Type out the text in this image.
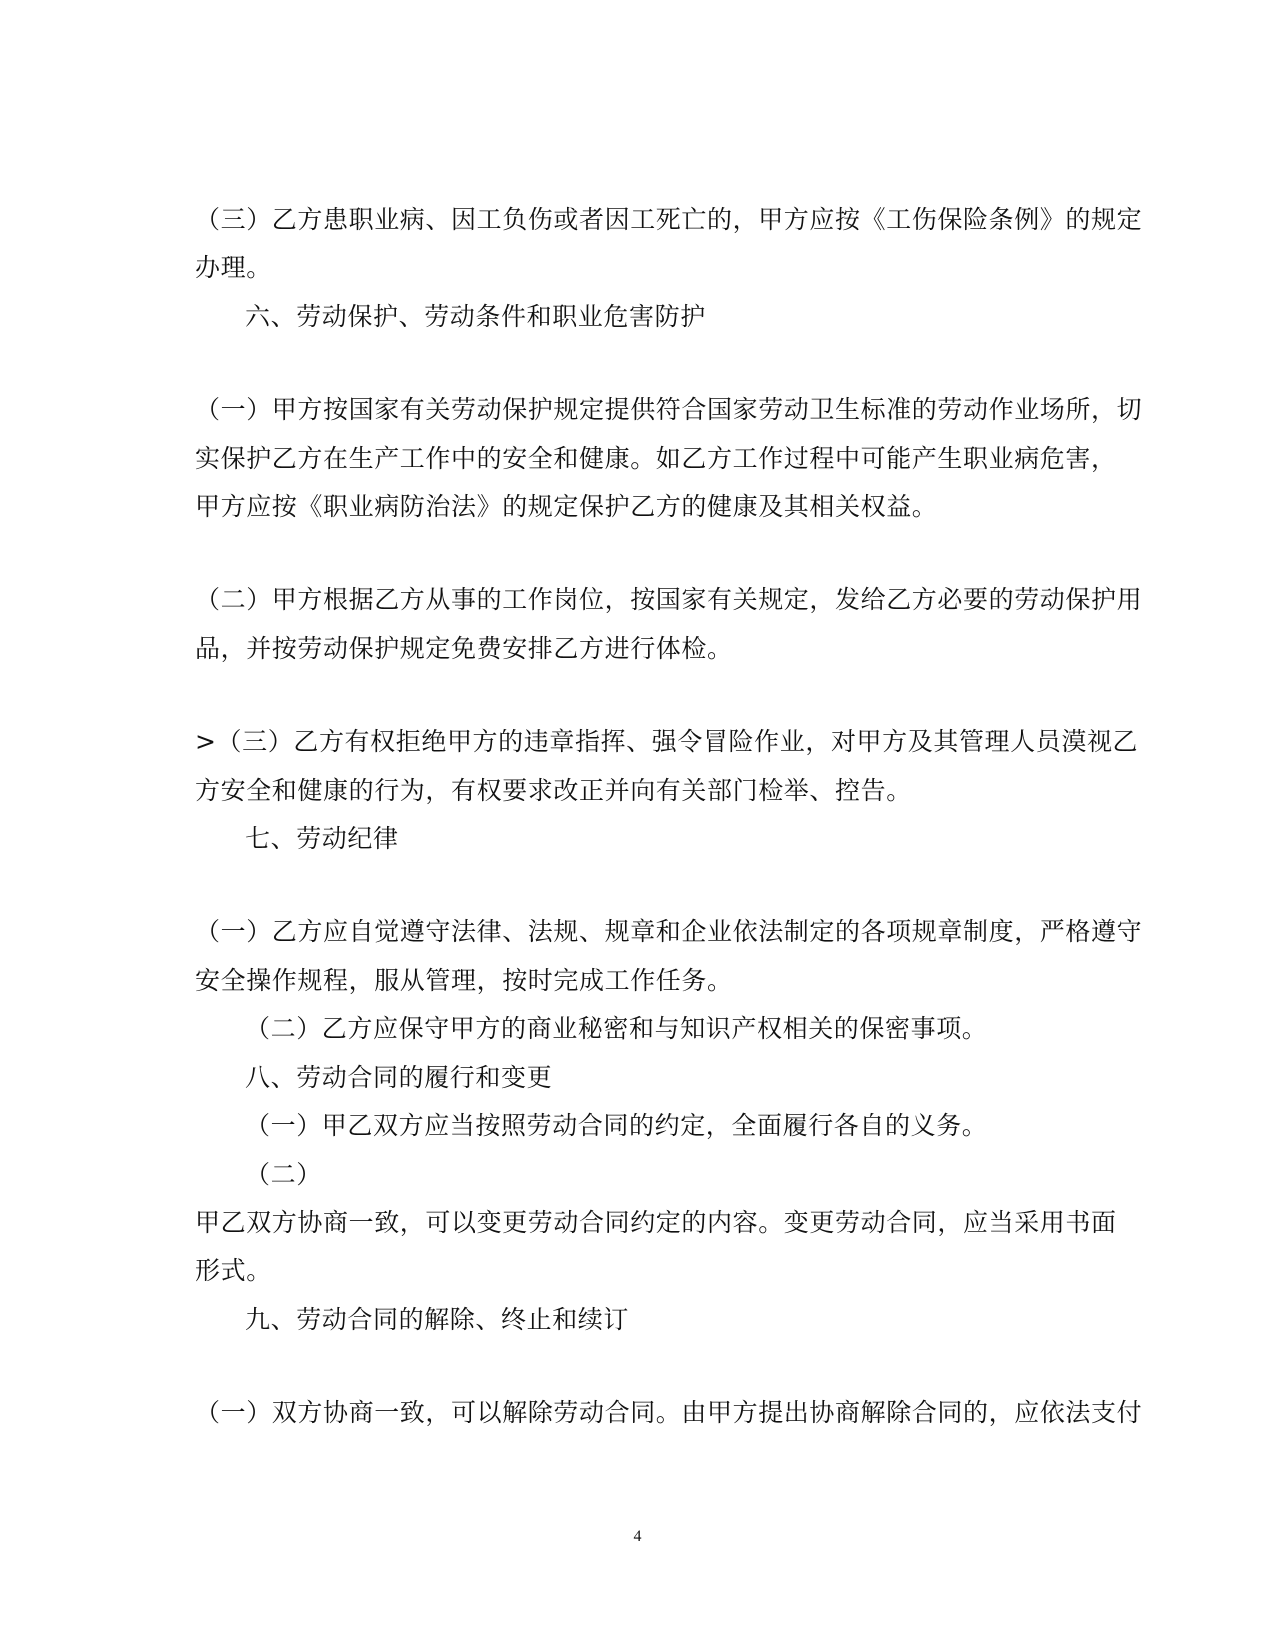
（三）乙方患职业病、因工负伤或者因工死亡的，甲方应按《工伤保险条例》的规定
办理。
六、劳动保护、劳动条件和职业危害防护
（一）甲方按国家有关劳动保护规定提供符合国家劳动卫生标准的劳动作业场所，切
实保护乙方在生产工作中的安全和健康。如乙方工作过程中可能产生职业病危害，
甲方应按《职业病防治法》的规定保护乙方的健康及其相关权益。
（二）甲方根据乙方从事的工作岗位，按国家有关规定，发给乙方必要的劳动保护用
品，并按劳动保护规定免费安排乙方进行体检。
>（三）乙方有权拒绝甲方的违章指挥、强令冒险作业，对甲方及其管理人员漠视乙
方安全和健康的行为，有权要求改正并向有关部门检举、控告。
七、劳动纪律
（一）乙方应自觉遵守法律、法规、规章和企业依法制定的各项规章制度，严格遵守
安全操作规程，服从管理，按时完成工作任务。
（二）乙方应保守甲方的商业秘密和与知识产权相关的保密事项。
八、劳动合同的履行和变更
（一）甲乙双方应当按照劳动合同的约定，全面履行各自的义务。
（二）
甲乙双方协商一致，可以变更劳动合同约定的内容。变更劳动合同，应当采用书面
形式。
九、劳动合同的解除、终止和续订
（一）双方协商一致，可以解除劳动合同。由甲方提出协商解除合同的，应依法支付
4
